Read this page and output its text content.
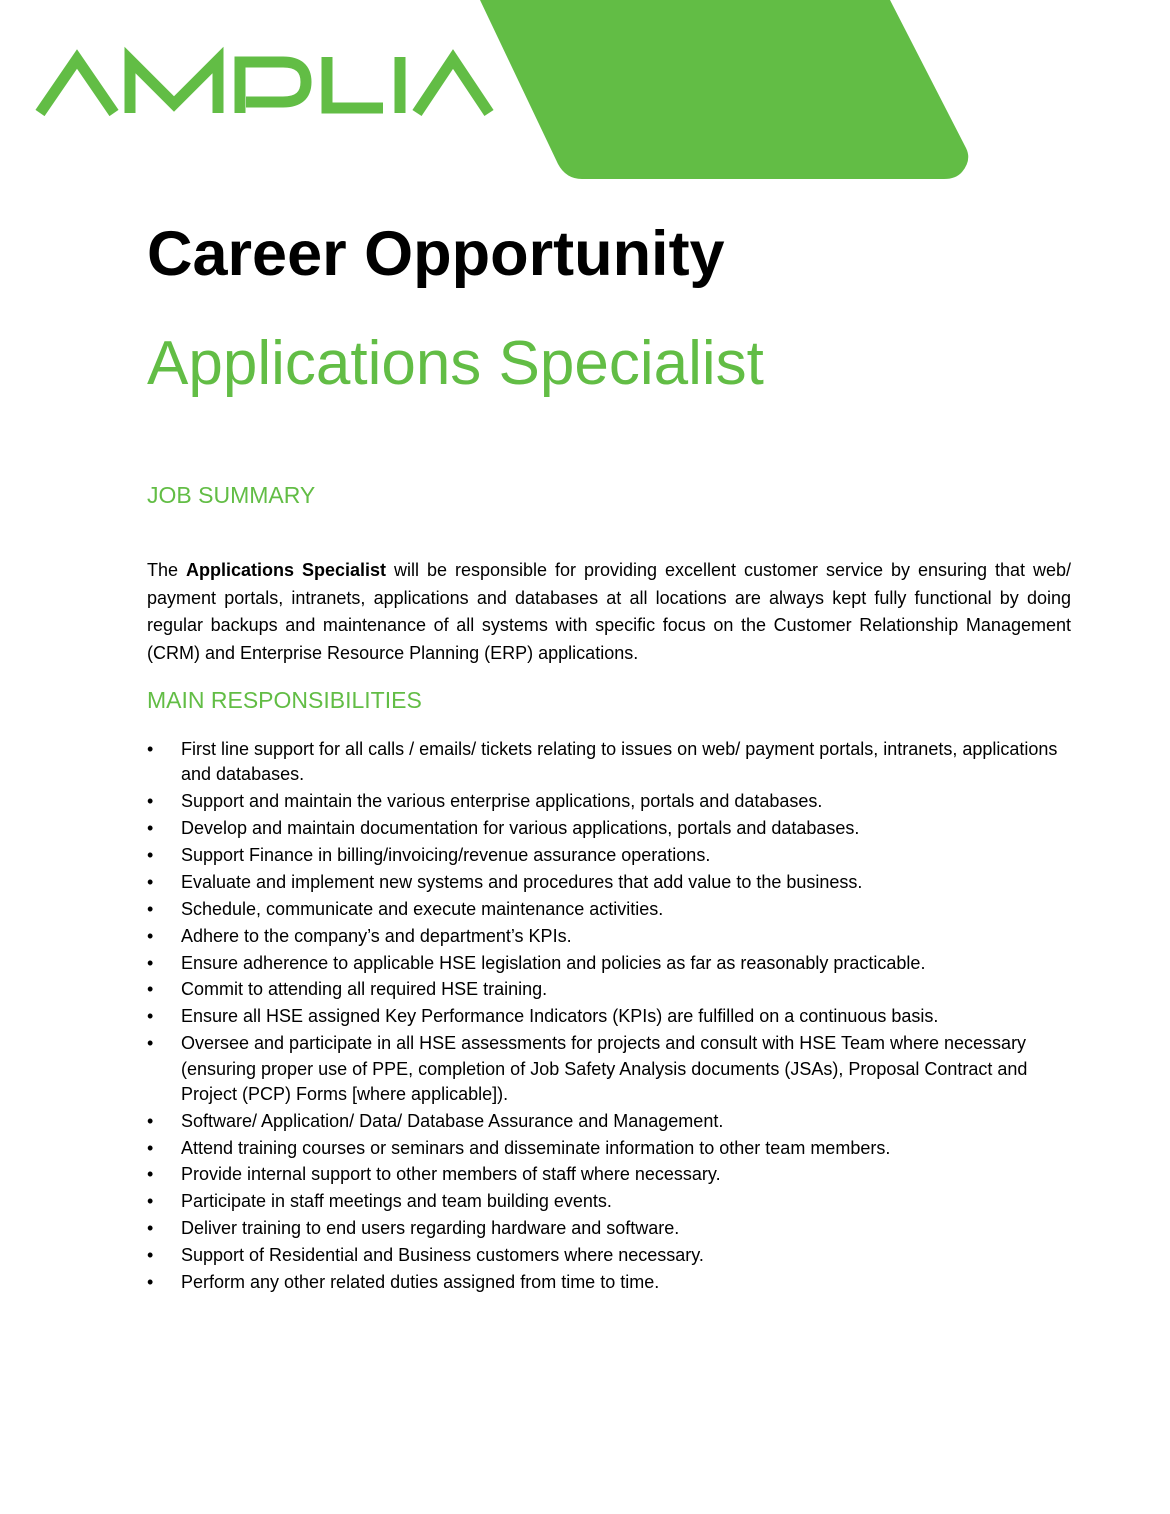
Career Opportunity
Applications Specialist
JOB SUMMARY

The Applications Specialist will be responsible for providing excellent customer service by ensuring that web/ payment portals, intranets, applications and databases at all locations are always kept fully functional by doing regular backups and maintenance of all systems with specific focus on the Customer Relationship Management (CRM) and Enterprise Resource Planning (ERP) applications.

MAIN RESPONSIBILITIES
• First line support for all calls / emails/ tickets relating to issues on web/ payment portals, intranets, applications and databases.
• Support and maintain the various enterprise applications, portals and databases.
• Develop and maintain documentation for various applications, portals and databases.
• Support Finance in billing/invoicing/revenue assurance operations.
• Evaluate and implement new systems and procedures that add value to the business.
• Schedule, communicate and execute maintenance activities.
• Adhere to the company’s and department’s KPIs.
• Ensure adherence to applicable HSE legislation and policies as far as reasonably practicable.
• Commit to attending all required HSE training.
• Ensure all HSE assigned Key Performance Indicators (KPIs) are fulfilled on a continuous basis.
• Oversee and participate in all HSE assessments for projects and consult with HSE Team where necessary (ensuring proper use of PPE, completion of Job Safety Analysis documents (JSAs), Proposal Contract and Project (PCP) Forms [where applicable]).
• Software/ Application/ Data/ Database Assurance and Management.
• Attend training courses or seminars and disseminate information to other team members.
• Provide internal support to other members of staff where necessary.
• Participate in staff meetings and team building events.
• Deliver training to end users regarding hardware and software.
• Support of Residential and Business customers where necessary.
• Perform any other related duties assigned from time to time.
